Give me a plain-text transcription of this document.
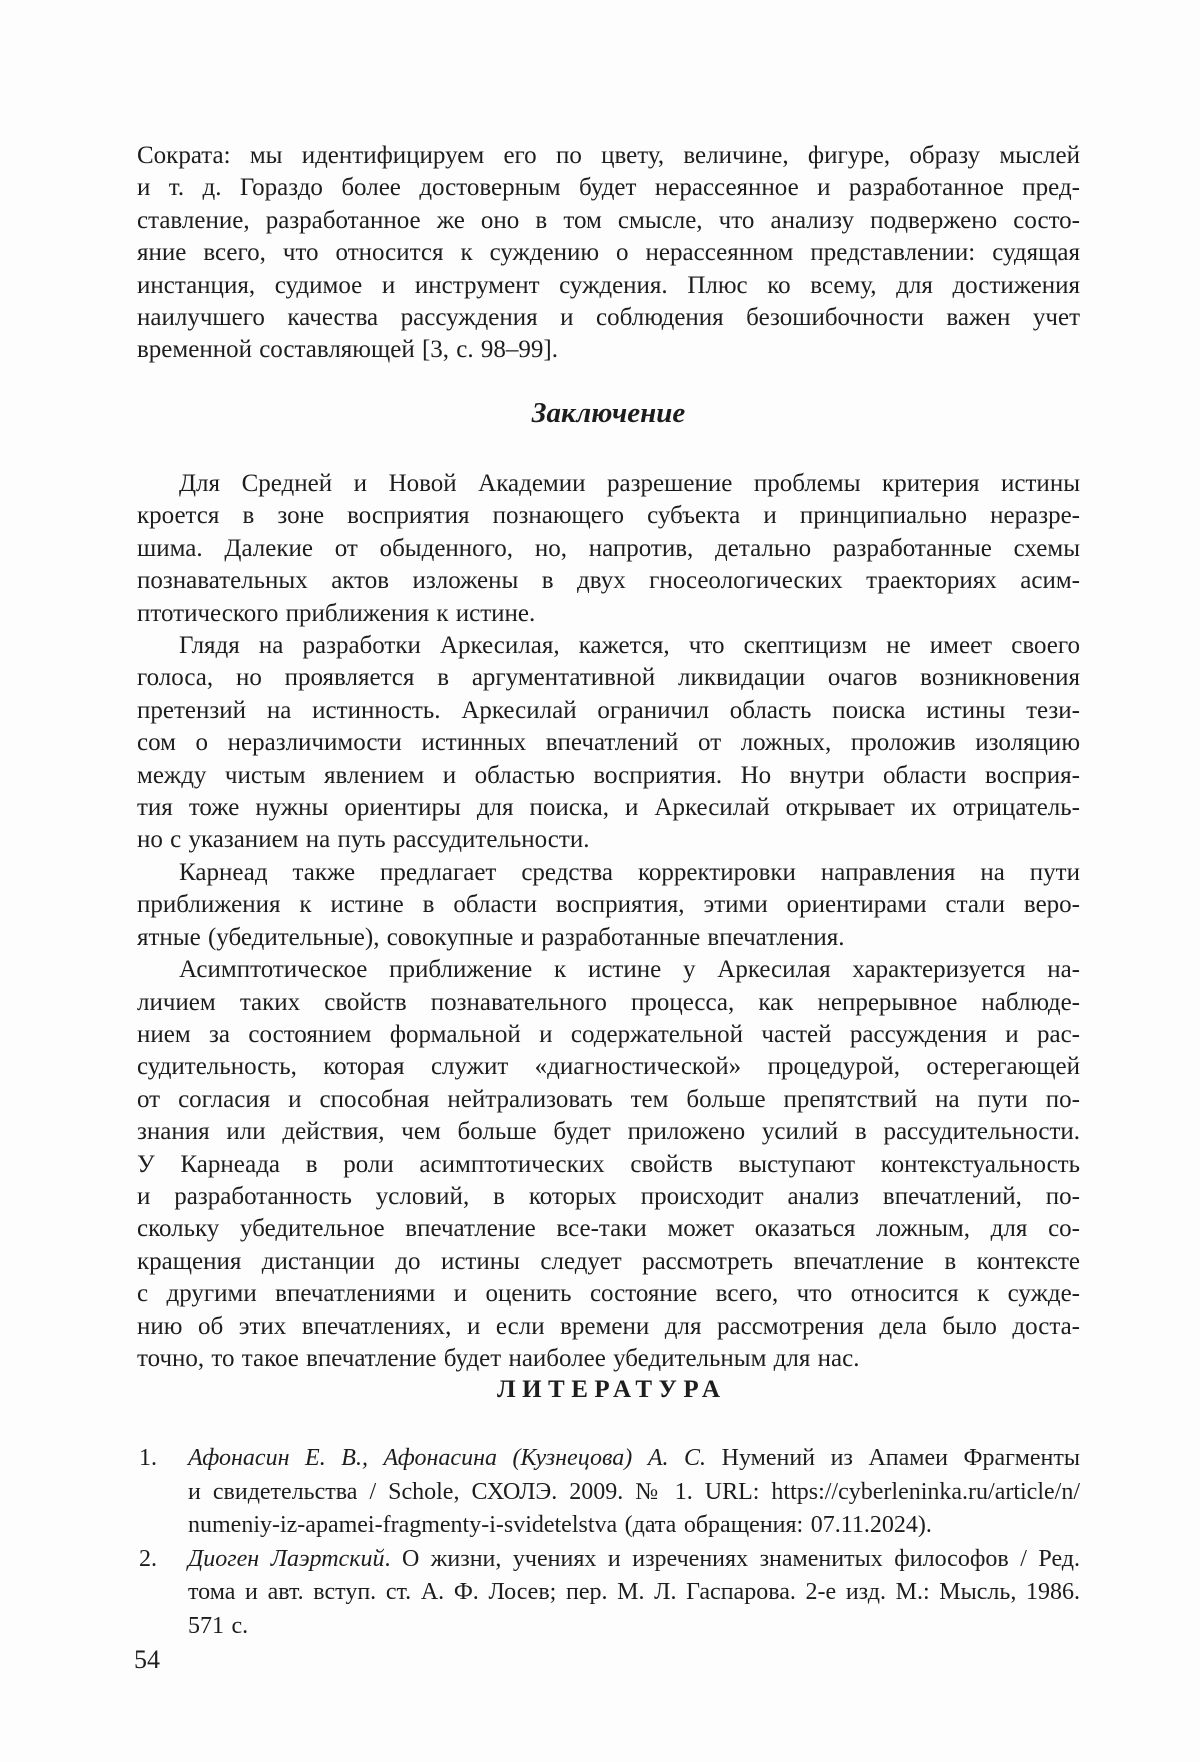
Сократа: мы идентифицируем его по цвету, величине, фигуре, образу мыслей
и т. д. Гораздо более достоверным будет нерассеянное и разработанное пред-
ставление, разработанное же оно в том смысле, что анализу подвержено состо-
яние всего, что относится к суждению о нерассеянном представлении: судящая
инстанция, судимое и инструмент суждения. Плюс ко всему, для достижения
наилучшего качества рассуждения и соблюдения безошибочности важен учет
временной составляющей [3, с. 98–99].
Заключение
Для Средней и Новой Академии разрешение проблемы критерия истины
кроется в зоне восприятия познающего субъекта и принципиально неразре-
шима. Далекие от обыденного, но, напротив, детально разработанные схемы
познавательных актов изложены в двух гносеологических траекториях асим-
птотического приближения к истине.
Глядя на разработки Аркесилая, кажется, что скептицизм не имеет своего
голоса, но проявляется в аргументативной ликвидации очагов возникновения
претензий на истинность. Аркесилай ограничил область поиска истины тези-
сом о неразличимости истинных впечатлений от ложных, проложив изоляцию
между чистым явлением и областью восприятия. Но внутри области восприя-
тия тоже нужны ориентиры для поиска, и Аркесилай открывает их отрицатель-
но с указанием на путь рассудительности.
Карнеад также предлагает средства корректировки направления на пути
приближения к истине в области восприятия, этими ориентирами стали веро-
ятные (убедительные), совокупные и разработанные впечатления.
Асимптотическое приближение к истине у Аркесилая характеризуется на-
личием таких свойств познавательного процесса, как непрерывное наблюде-
нием за состоянием формальной и содержательной частей рассуждения и рас-
судительность, которая служит «диагностической» процедурой, остерегающей
от согласия и способная нейтрализовать тем больше препятствий на пути по-
знания или действия, чем больше будет приложено усилий в рассудительности.
У Карнеада в роли асимптотических свойств выступают контекстуальность
и разработанность условий, в которых происходит анализ впечатлений, по-
скольку убедительное впечатление все-таки может оказаться ложным, для со-
кращения дистанции до истины следует рассмотреть впечатление в контексте
с другими впечатлениями и оценить состояние всего, что относится к сужде-
нию об этих впечатлениях, и если времени для рассмотрения дела было доста-
точно, то такое впечатление будет наиболее убедительным для нас.
ЛИТЕРАТУРА
1. Афонасин Е. В., Афонасина (Кузнецова) А. С. Нумений из Апамеи Фрагменты
и свидетельства / Schole, СХОЛЭ. 2009. № 1. URL: https://cyberleninka.ru/article/n/
numeniy-iz-apamei-fragmenty-i-svidetelstva (дата обращения: 07.11.2024).
2. Диоген Лаэртский. О жизни, учениях и изречениях знаменитых философов / Ред.
тома и авт. вступ. ст. А. Ф. Лосев; пер. М. Л. Гаспарова. 2-е изд. М.: Мысль, 1986. 571 с.
54
